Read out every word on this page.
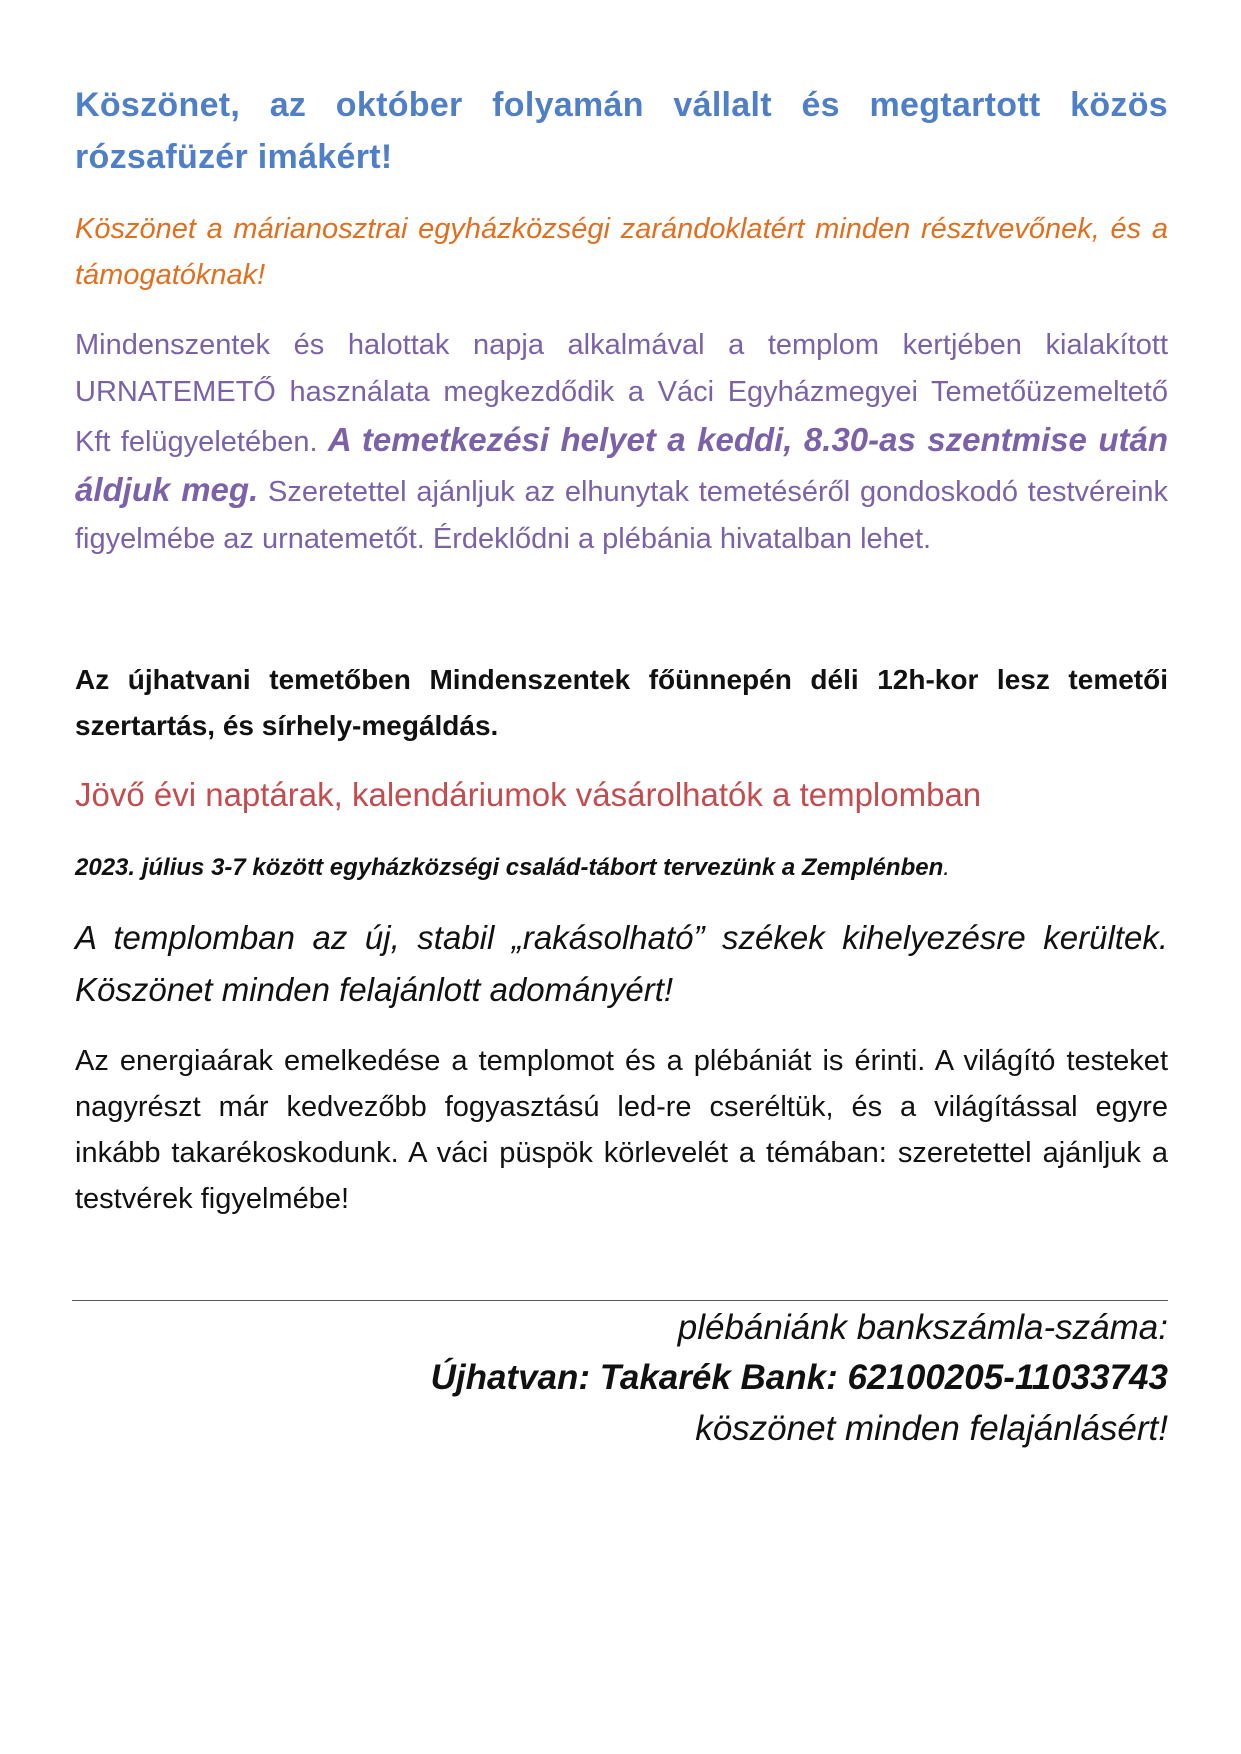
Köszönet, az október folyamán vállalt és megtartott közös rózsafüzér imákért!

Köszönet a márianosztrai egyházközségi zarándoklatért minden résztvevőnek, és a támogatóknak!

Mindenszentek és halottak napja alkalmával a templom kertjében kialakított URNATEMETŐ használata megkezdődik a Váci Egyházmegyei Temetőüzemeltető Kft felügyeletében. A temetkezési helyet a keddi, 8.30-as szentmise után áldjuk meg. Szeretettel ajánljuk az elhunytak temetéséről gondoskodó testvéreink figyelmébe az urnatemetőt. Érdeklődni a plébánia hivatalban lehet.

Az újhatvani temetőben Mindenszentek főünnepén déli 12h-kor lesz temetői szertartás, és sírhely-megáldás.

Jövő évi naptárak, kalendáriumok vásárolhatók a templomban

2023. július 3-7 között egyházközségi család-tábort tervezünk a Zemplénben.

A templomban az új, stabil „rakásolható” székek kihelyezésre kerültek. Köszönet minden felajánlott adományért!

Az energiaárak emelkedése a templomot és a plébániát is érinti. A világító testeket nagyrészt már kedvezőbb fogyasztású led-re cseréltük, és a világítással egyre inkább takarékoskodunk. A váci püspök körlevelét a témában: szeretettel ajánljuk a testvérek figyelmébe!

plébániánk bankszámla-száma:

Újhatvan: Takarék Bank: 62100205-11033743

köszönet minden felajánlásért!
